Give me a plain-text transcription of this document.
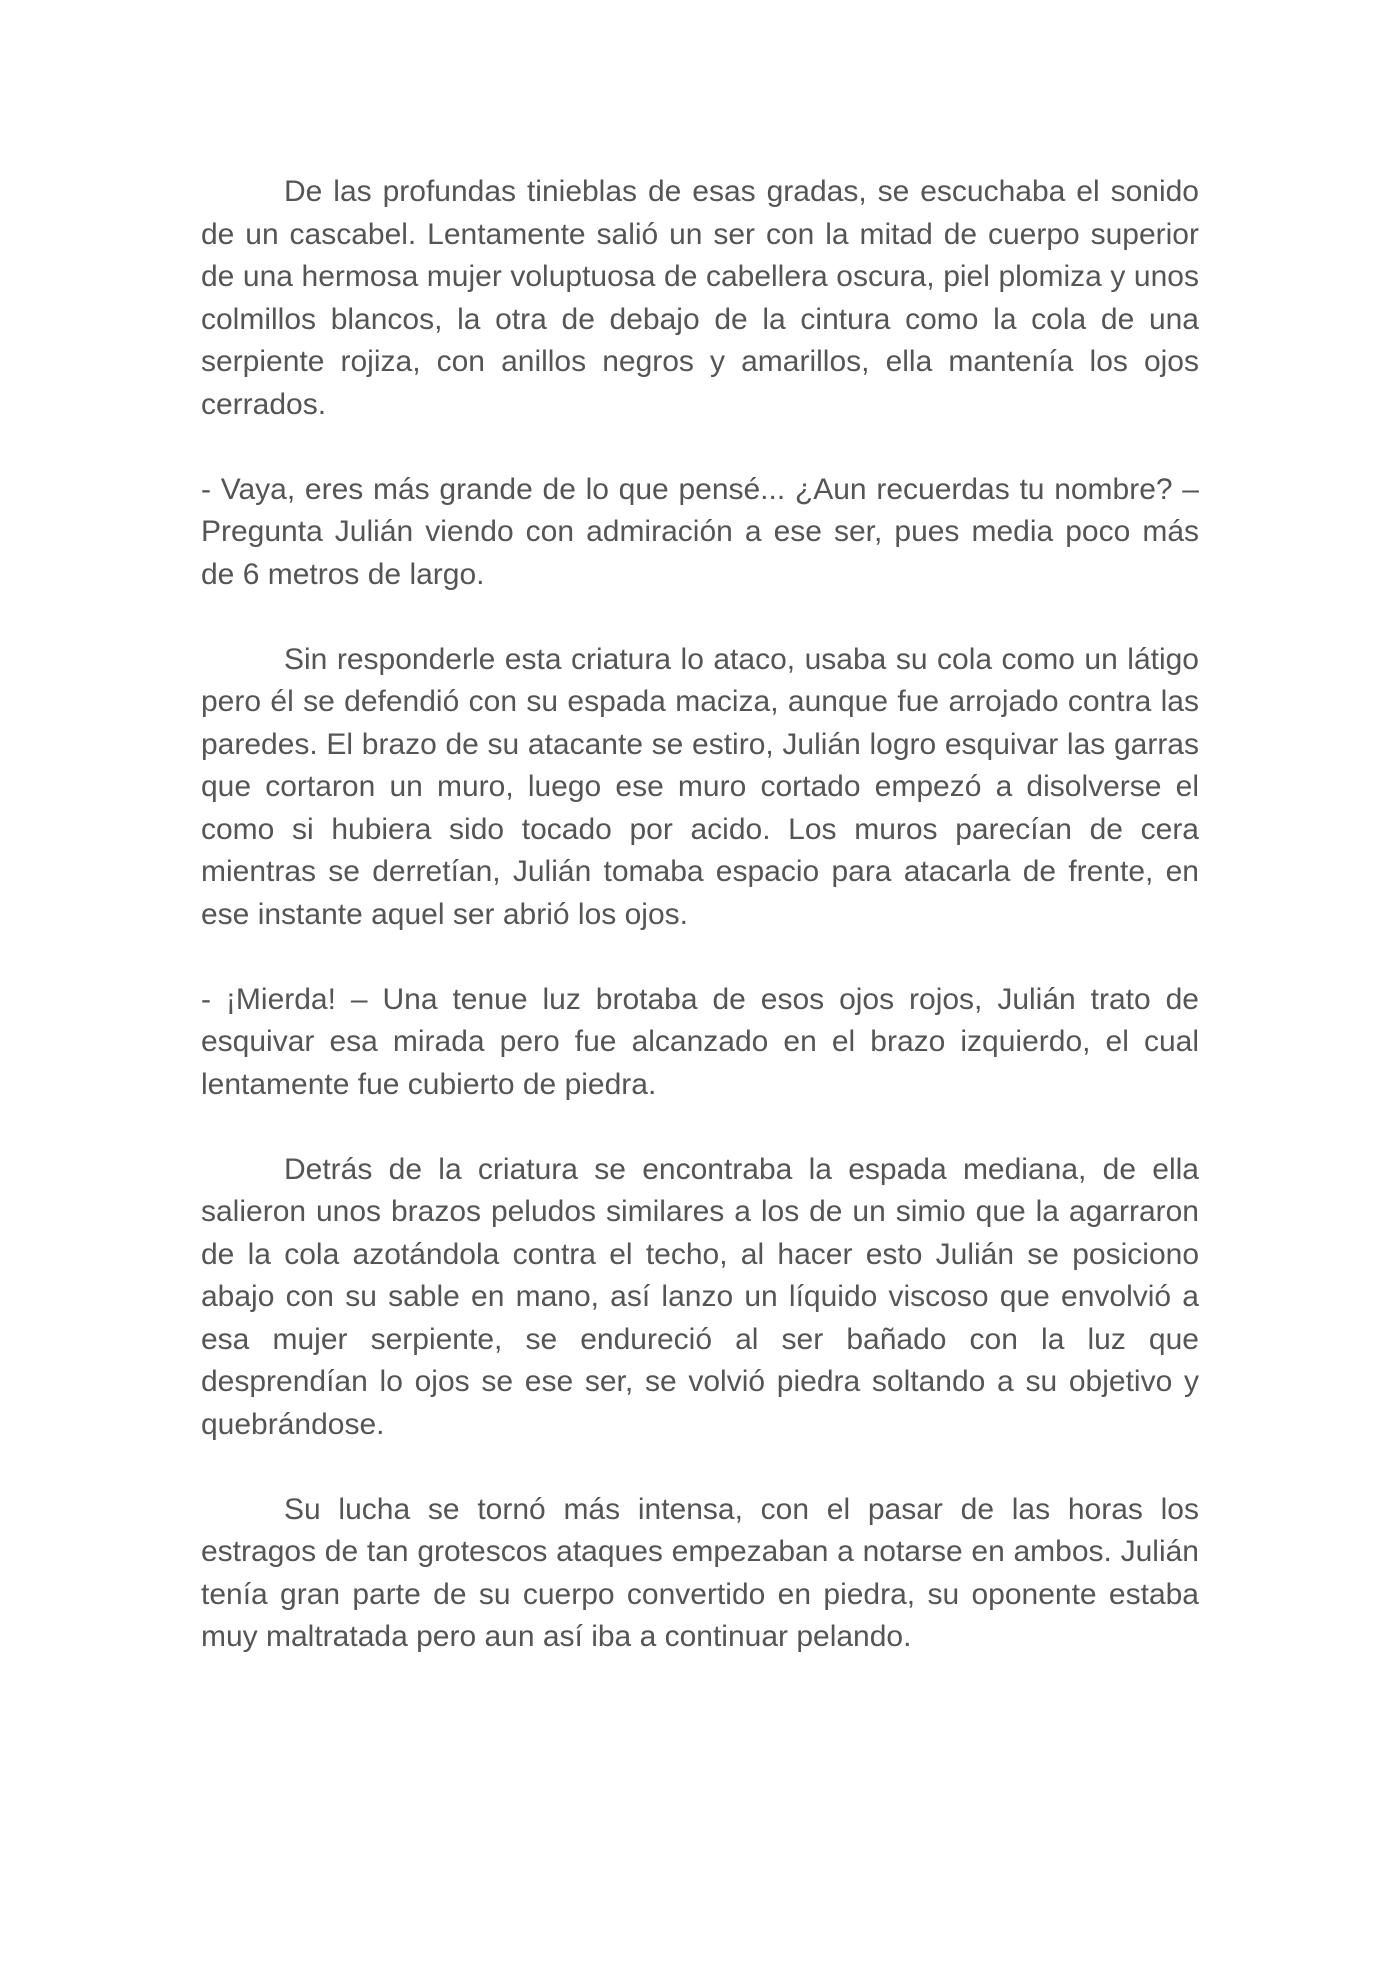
De las profundas tinieblas de esas gradas, se escuchaba el sonido de un cascabel. Lentamente salió un ser con la mitad de cuerpo superior de una hermosa mujer voluptuosa de cabellera oscura, piel plomiza y unos colmillos blancos, la otra de debajo de la cintura como la cola de una serpiente rojiza, con anillos negros y amarillos, ella mantenía los ojos cerrados.

- Vaya, eres más grande de lo que pensé... ¿Aun recuerdas tu nombre? – Pregunta Julián viendo con admiración a ese ser, pues media poco más de 6 metros de largo.

Sin responderle esta criatura lo ataco, usaba su cola como un látigo pero él se defendió con su espada maciza, aunque fue arrojado contra las paredes. El brazo de su atacante se estiro, Julián logro esquivar las garras que cortaron un muro, luego ese muro cortado empezó a disolverse el como si hubiera sido tocado por acido. Los muros parecían de cera mientras se derretían, Julián tomaba espacio para atacarla de frente, en ese instante aquel ser abrió los ojos.

- ¡Mierda! – Una tenue luz brotaba de esos ojos rojos, Julián trato de esquivar esa mirada pero fue alcanzado en el brazo izquierdo, el cual lentamente fue cubierto de piedra.

Detrás de la criatura se encontraba la espada mediana, de ella salieron unos brazos peludos similares a los de un simio que la agarraron de la cola azotándola contra el techo, al hacer esto Julián se posiciono abajo con su sable en mano, así lanzo un líquido viscoso que envolvió a esa mujer serpiente, se endureció al ser bañado con la luz que desprendían lo ojos se ese ser, se volvió piedra soltando a su objetivo y quebrándose.

Su lucha se tornó más intensa, con el pasar de las horas los estragos de tan grotescos ataques empezaban a notarse en ambos. Julián tenía gran parte de su cuerpo convertido en piedra, su oponente estaba muy maltratada pero aun así iba a continuar pelando.
